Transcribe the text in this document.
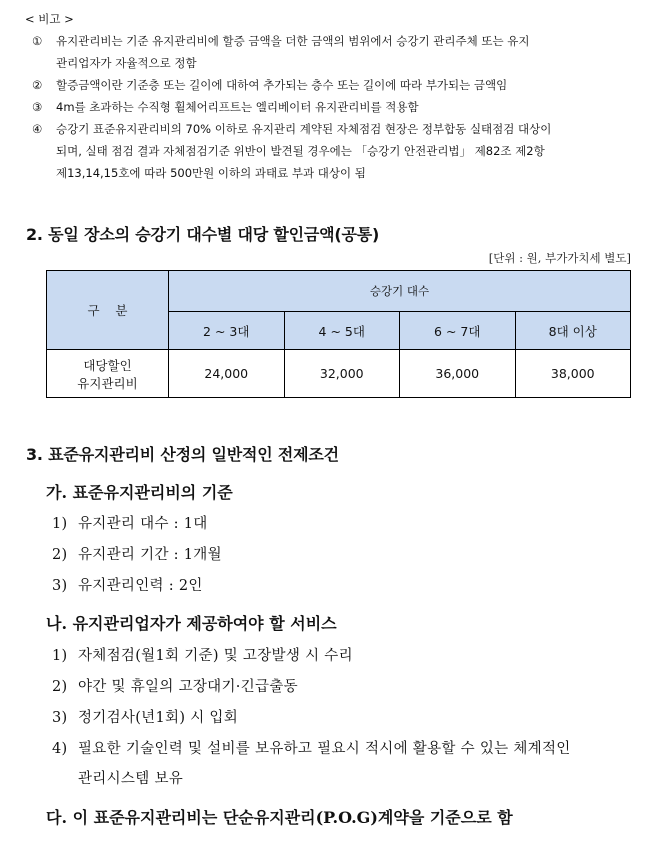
< 비고 >
①	유지관리비는 기준 유지관리비에 할증 금액을 더한 금액의 범위에서 승강기 관리주체 또는 유지
관리업자가 자율적으로 정함
②	할증금액이란 기준층 또는 길이에 대하여 추가되는 층수 또는 길이에 따라 부가되는 금액임
③	4m를 초과하는 수직형 휠체어리프트는 엘리베이터 유지관리비를 적용함
④	승강기 표준유지관리비의 70% 이하로 유지관리 계약된 자체점검 현장은 정부합동 실태점검 대상이
되며, 실태 점검 결과 자체점검기준 위반이 발견될 경우에는 「승강기 안전관리법」 제82조 제2항
제13,14,15호에 따라 500만원 이하의 과태료 부과 대상이 됨
2. 동일 장소의 승강기 대수별 대당 할인금액(공통)
[단위 : 원, 부가가치세 별도]
구    분	승강기 대수			
	2 ~ 3대	4 ~ 5대	6 ~ 7대	8대 이상
대당할인
유지관리비	24,000	32,000	36,000	38,000
3. 표준유지관리비 산정의 일반적인 전제조건
가. 표준유지관리비의 기준
1) 유지관리 대수 : 1대
2) 유지관리 기간 : 1개월
3) 유지관리인력 : 2인
나. 유지관리업자가 제공하여야 할 서비스
1) 자체점검(월1회 기준) 및 고장발생 시 수리
2) 야간 및 휴일의 고장대기·긴급출동
3) 정기검사(년1회) 시 입회
4) 필요한 기술인력 및 설비를 보유하고 필요시 적시에 활용할 수 있는 체계적인
관리시스템 보유
다. 이 표준유지관리비는 단순유지관리(P.O.G)계약을 기준으로 함
